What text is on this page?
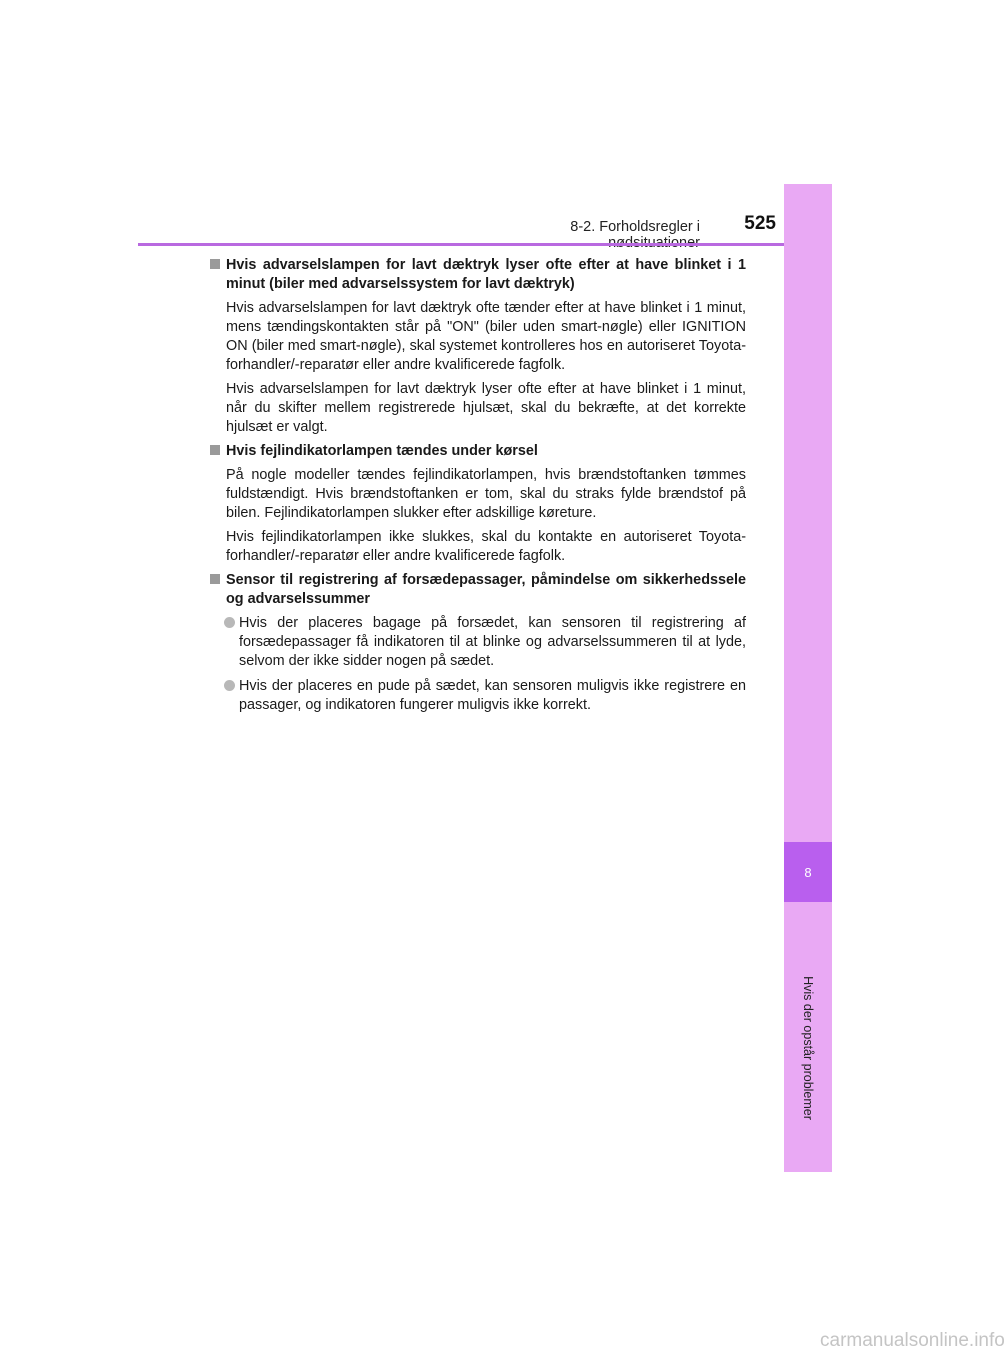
8-2. Forholdsregler i	525
8
Hvis der opstår problemer
Hvis advarselslampen for lavt dæktryk lyser ofte efter at have blinket i 1 minut (biler med advarselssystem for lavt dæktryk)
Hvis advarselslampen for lavt dæktryk ofte tænder efter at have blinket i 1 minut, mens tændingskontakten står på "ON" (biler uden smart-nøgle) eller IGNITION ON (biler med smart-nøgle), skal systemet kontrolleres hos en autoriseret Toyota-forhandler/-reparatør eller andre kvalificerede fagfolk.
Hvis advarselslampen for lavt dæktryk lyser ofte efter at have blinket i 1 minut, når du skifter mellem registrerede hjulsæt, skal du bekræfte, at det korrekte hjulsæt er valgt.
Hvis fejlindikatorlampen tændes under kørsel
På nogle modeller tændes fejlindikatorlampen, hvis brændstoftanken tømmes fuldstændigt. Hvis brændstoftanken er tom, skal du straks fylde brændstof på bilen. Fejlindikatorlampen slukker efter adskillige køreture.
Hvis fejlindikatorlampen ikke slukkes, skal du kontakte en autoriseret Toyota-forhandler/-reparatør eller andre kvalificerede fagfolk.
Sensor til registrering af forsædepassager, påmindelse om sikkerhedssele og advarselssummer
Hvis der placeres bagage på forsædet, kan sensoren til registrering af forsædepassager få indikatoren til at blinke og advarselssummeren til at lyde, selvom der ikke sidder nogen på sædet.
Hvis der placeres en pude på sædet, kan sensoren muligvis ikke registrere en passager, og indikatoren fungerer muligvis ikke korrekt.
carmanualsonline.info
